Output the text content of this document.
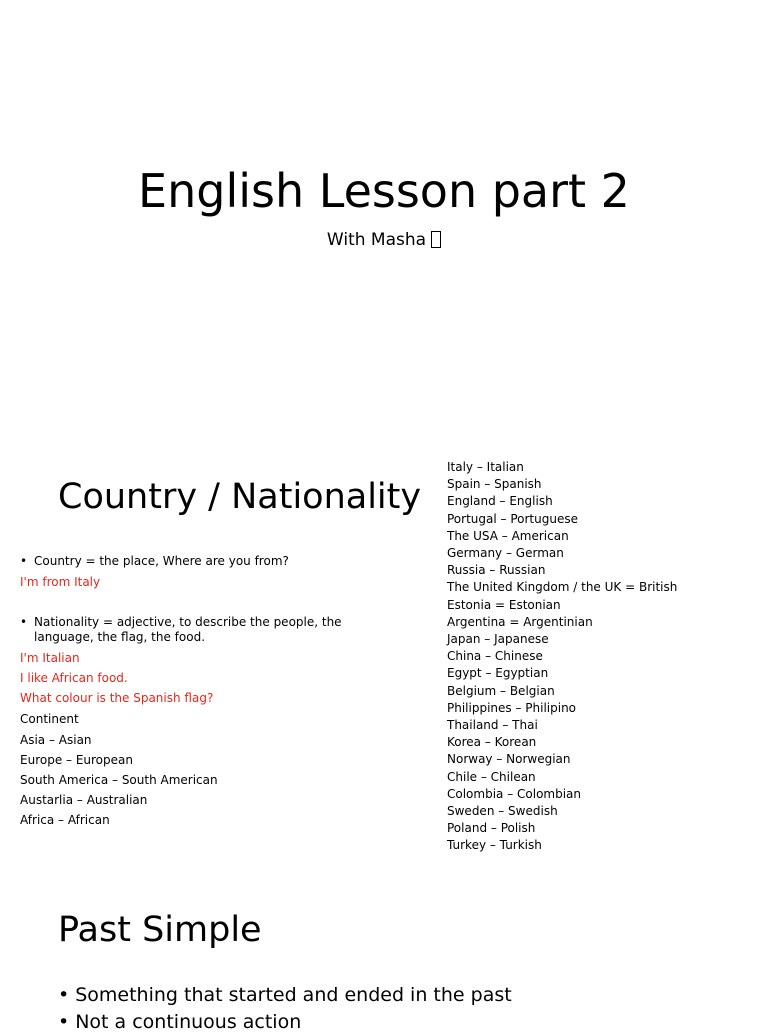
English Lesson part 2
With Masha
Country / Nationality
• Country = the place, Where are you from?
I'm from Italy
• Nationality = adjective, to describe the people, the language, the flag, the food.
I'm Italian
I like African food.
What colour is the Spanish flag?
Continent
Asia – Asian
Europe – European
South America – South American
Austarlia – Australian
Africa – African
Italy – Italian
Spain – Spanish
England – English
Portugal – Portuguese
The USA – American
Germany – German
Russia – Russian
The United Kingdom / the UK = British
Estonia = Estonian
Argentina = Argentinian
Japan – Japanese
China – Chinese
Egypt – Egyptian
Belgium – Belgian
Philippines – Philipino
Thailand – Thai
Korea – Korean
Norway – Norwegian
Chile – Chilean
Colombia – Colombian
Sweden – Swedish
Poland – Polish
Turkey – Turkish
Past Simple
• Something that started and ended in the past
• Not a continuous action
